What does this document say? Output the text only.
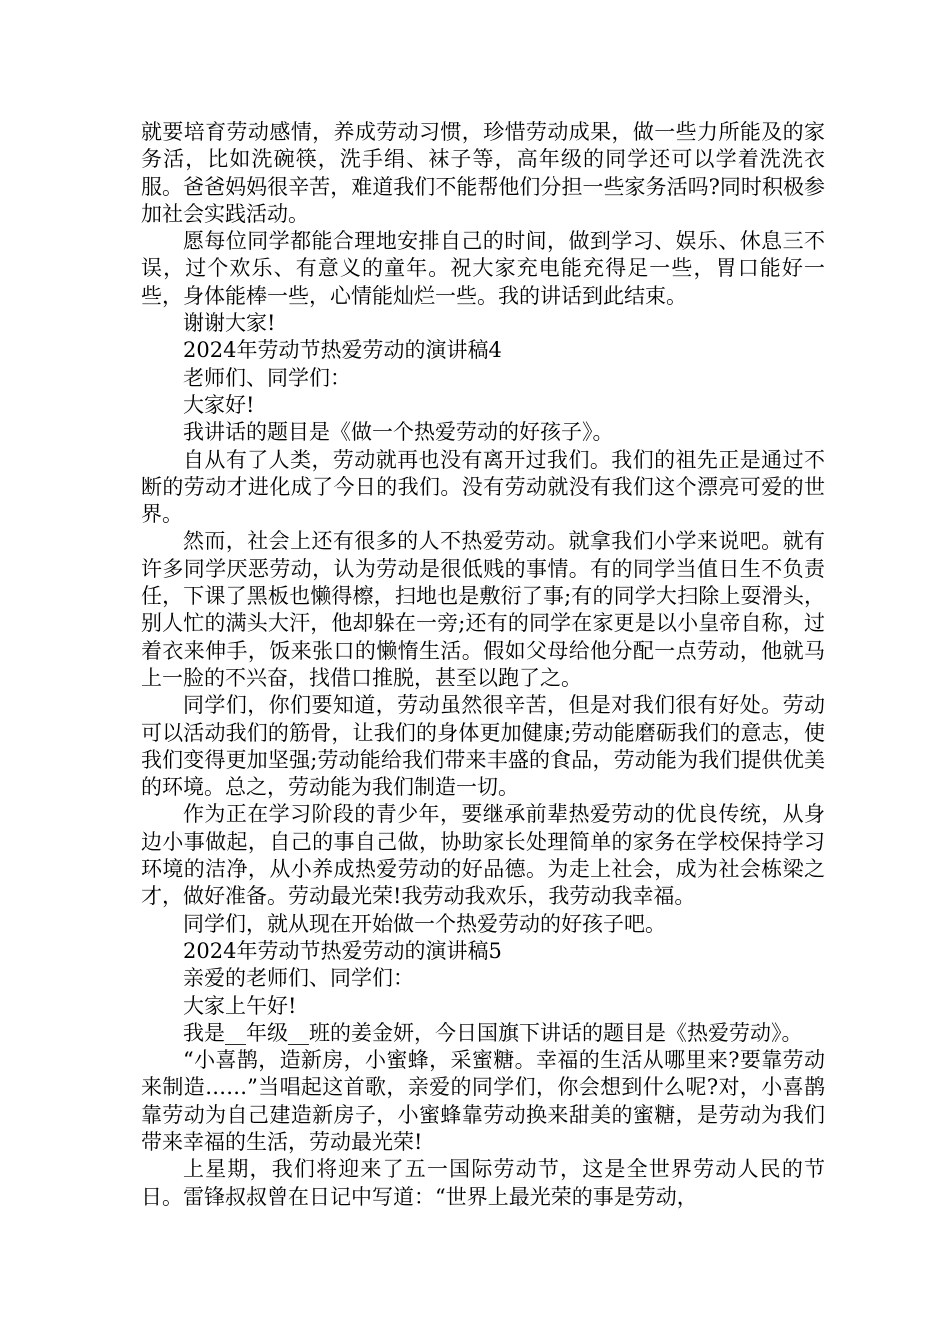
就要培育劳动感情，养成劳动习惯，珍惜劳动成果，做一些力所能及的家务活，比如洗碗筷，洗手绢、袜子等，高年级的同学还可以学着洗洗衣服。爸爸妈妈很辛苦，难道我们不能帮他们分担一些家务活吗?同时积极参加社会实践活动。

愿每位同学都能合理地安排自己的时间，做到学习、娱乐、休息三不误，过个欢乐、有意义的童年。祝大家充电能充得足一些，胃口能好一些，身体能棒一些，心情能灿烂一些。我的讲话到此结束。

谢谢大家!

2024年劳动节热爱劳动的演讲稿4

老师们、同学们：

大家好!

我讲话的题目是《做一个热爱劳动的好孩子》。

自从有了人类，劳动就再也没有离开过我们。我们的祖先正是通过不断的劳动才进化成了今日的我们。没有劳动就没有我们这个漂亮可爱的世界。

然而，社会上还有很多的人不热爱劳动。就拿我们小学来说吧。就有许多同学厌恶劳动，认为劳动是很低贱的事情。有的同学当值日生不负责任，下课了黑板也懒得檫，扫地也是敷衍了事;有的同学大扫除上耍滑头，别人忙的满头大汗，他却躲在一旁;还有的同学在家更是以小皇帝自称，过着衣来伸手，饭来张口的懒惰生活。假如父母给他分配一点劳动，他就马上一脸的不兴奋，找借口推脱，甚至以跑了之。

同学们，你们要知道，劳动虽然很辛苦，但是对我们很有好处。劳动可以活动我们的筋骨，让我们的身体更加健康;劳动能磨砺我们的意志，使我们变得更加坚强;劳动能给我们带来丰盛的食品，劳动能为我们提供优美的环境。总之，劳动能为我们制造一切。

作为正在学习阶段的青少年，要继承前辈热爱劳动的优良传统，从身边小事做起，自己的事自己做，协助家长处理简单的家务在学校保持学习环境的洁净，从小养成热爱劳动的好品德。为走上社会，成为社会栋梁之才，做好准备。劳动最光荣!我劳动我欢乐，我劳动我幸福。

同学们，就从现在开始做一个热爱劳动的好孩子吧。

2024年劳动节热爱劳动的演讲稿5

亲爱的老师们、同学们：

大家上午好!

我是__年级__班的姜金妍，今日国旗下讲话的题目是《热爱劳动》。

“小喜鹊，造新房，小蜜蜂，采蜜糖。幸福的生活从哪里来?要靠劳动来制造……”当唱起这首歌，亲爱的同学们，你会想到什么呢?对，小喜鹊靠劳动为自己建造新房子，小蜜蜂靠劳动换来甜美的蜜糖，是劳动为我们带来幸福的生活，劳动最光荣!

上星期，我们将迎来了五一国际劳动节，这是全世界劳动人民的节日。雷锋叔叔曾在日记中写道：“世界上最光荣的事是劳动，
